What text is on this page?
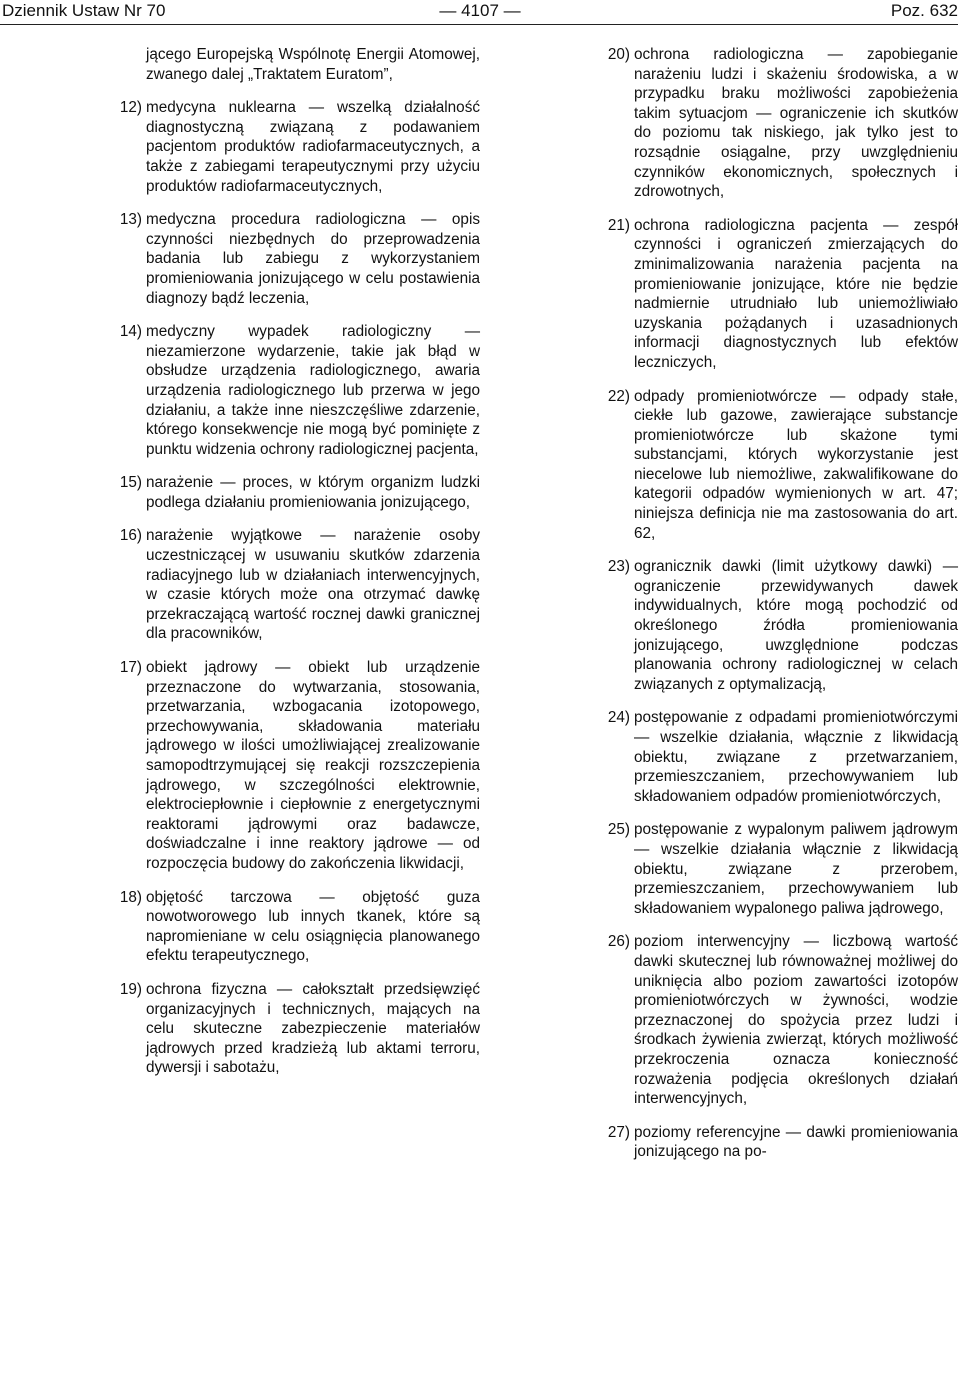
Dziennik Ustaw Nr 70	— 4107 —	Poz. 632
jącego Europejską Wspólnotę Energii Atomowej, zwanego dalej „Traktatem Euratom”,
12) medycyna nuklearna — wszelką działalność diagnostyczną związaną z podawaniem pacjentom produktów radiofarmaceutycznych, a także z zabiegami terapeutycznymi przy użyciu produktów radiofarmaceutycznych,
13) medyczna procedura radiologiczna — opis czynności niezbędnych do przeprowadzenia badania lub zabiegu z wykorzystaniem promieniowania jonizującego w celu postawienia diagnozy bądź leczenia,
14) medyczny wypadek radiologiczny — niezamierzone wydarzenie, takie jak błąd w obsłudze urządzenia radiologicznego, awaria urządzenia radiologicznego lub przerwa w jego działaniu, a także inne nieszczęśliwe zdarzenie, którego konsekwencje nie mogą być pominięte z punktu widzenia ochrony radiologicznej pacjenta,
15) narażenie — proces, w którym organizm ludzki podlega działaniu promieniowania jonizującego,
16) narażenie wyjątkowe — narażenie osoby uczestniczącej w usuwaniu skutków zdarzenia radiacyjnego lub w działaniach interwencyjnych, w czasie których może ona otrzymać dawkę przekraczającą wartość rocznej dawki granicznej dla pracowników,
17) obiekt jądrowy — obiekt lub urządzenie przeznaczone do wytwarzania, stosowania, przetwarzania, wzbogacania izotopowego, przechowywania, składowania materiału jądrowego w ilości umożliwiającej zrealizowanie samopodtrzymującej się reakcji rozszczepienia jądrowego, w szczególności elektrownie, elektrociepłownie i ciepłownie z energetycznymi reaktorami jądrowymi oraz badawcze, doświadczalne i inne reaktory jądrowe — od rozpoczęcia budowy do zakończenia likwidacji,
18) objętość tarczowa — objętość guza nowotworowego lub innych tkanek, które są napromieniane w celu osiągnięcia planowanego efektu terapeutycznego,
19) ochrona fizyczna — całokształt przedsięwzięć organizacyjnych i technicznych, mających na celu skuteczne zabezpieczenie materiałów jądrowych przed kradzieżą lub aktami terroru, dywersji i sabotażu,
20) ochrona radiologiczna — zapobieganie narażeniu ludzi i skażeniu środowiska, a w przypadku braku możliwości zapobieżenia takim sytuacjom — ograniczenie ich skutków do poziomu tak niskiego, jak tylko jest to rozsądnie osiągalne, przy uwzględnieniu czynników ekonomicznych, społecznych i zdrowotnych,
21) ochrona radiologiczna pacjenta — zespół czynności i ograniczeń zmierzających do zminimalizowania narażenia pacjenta na promieniowanie jonizujące, które nie będzie nadmiernie utrudniało lub uniemożliwiało uzyskania pożądanych i uzasadnionych informacji diagnostycznych lub efektów leczniczych,
22) odpady promieniotwórcze — odpady stałe, ciekłe lub gazowe, zawierające substancje promieniotwórcze lub skażone tymi substancjami, których wykorzystanie jest niecelowe lub niemożliwe, zakwalifikowane do kategorii odpadów wymienionych w art. 47; niniejsza definicja nie ma zastosowania do art. 62,
23) ogranicznik dawki (limit użytkowy dawki) — ograniczenie przewidywanych dawek indywidualnych, które mogą pochodzić od określonego źródła promieniowania jonizującego, uwzględnione podczas planowania ochrony radiologicznej w celach związanych z optymalizacją,
24) postępowanie z odpadami promieniotwórczymi — wszelkie działania, włącznie z likwidacją obiektu, związane z przetwarzaniem, przemieszczaniem, przechowywaniem lub składowaniem odpadów promieniotwórczych,
25) postępowanie z wypalonym paliwem jądrowym — wszelkie działania włącznie z likwidacją obiektu, związane z przerobem, przemieszczaniem, przechowywaniem lub składowaniem wypalonego paliwa jądrowego,
26) poziom interwencyjny — liczbową wartość dawki skutecznej lub równoważnej możliwej do uniknięcia albo poziom zawartości izotopów promieniotwórczych w żywności, wodzie przeznaczonej do spożycia przez ludzi i środkach żywienia zwierząt, których możliwość przekroczenia oznacza konieczność rozważenia podjęcia określonych działań interwencyjnych,
27) poziomy referencyjne — dawki promieniowania jonizującego na po-
